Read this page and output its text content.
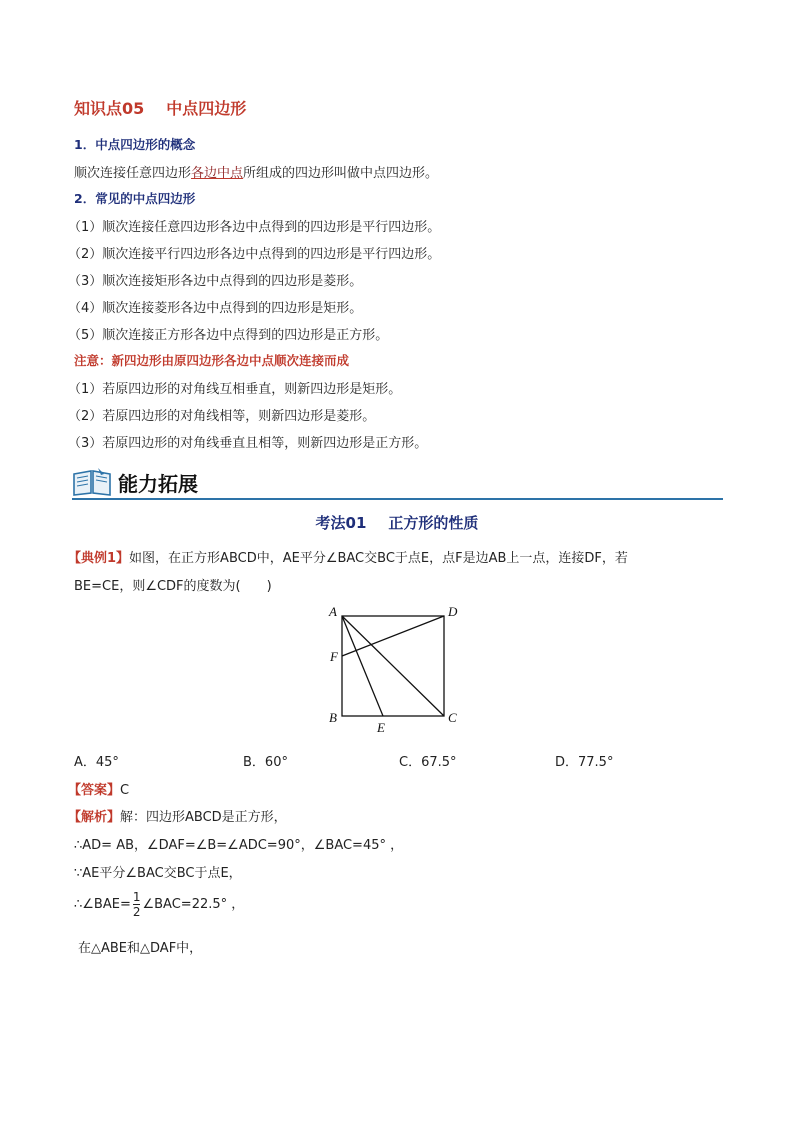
知识点05 中点四边形
1．中点四边形的概念
顺次连接任意四边形各边中点所组成的四边形叫做中点四边形。
2．常见的中点四边形
（1）顺次连接任意四边形各边中点得到的四边形是平行四边形。
（2）顺次连接平行四边形各边中点得到的四边形是平行四边形。
（3）顺次连接矩形各边中点得到的四边形是菱形。
（4）顺次连接菱形各边中点得到的四边形是矩形。
（5）顺次连接正方形各边中点得到的四边形是正方形。
注意：新四边形由原四边形各边中点顺次连接而成
（1）若原四边形的对角线互相垂直，则新四边形是矩形。
（2）若原四边形的对角线相等，则新四边形是菱形。
（3）若原四边形的对角线垂直且相等，则新四边形是正方形。
能力拓展
考法01 正方形的性质
【典例1】如图，在正方形ABCD中，AE平分∠BAC交BC于点E，点F是边AB上一点，连接DF，若
BE=CE，则∠CDF的度数为(　　)
A	D
F
B	C
E
A．45°	B．60°	C．67.5°	D．77.5°
【答案】C
【解析】解：四边形ABCD是正方形，
∴AD= AB，∠DAF=∠B=∠ADC=90°，∠BAC=45° ，
∵AE平分∠BAC交BC于点E，
∴∠BAE= $\frac{1}{2}$ ∠BAC=22.5° ，
在△ABE和△DAF中，
